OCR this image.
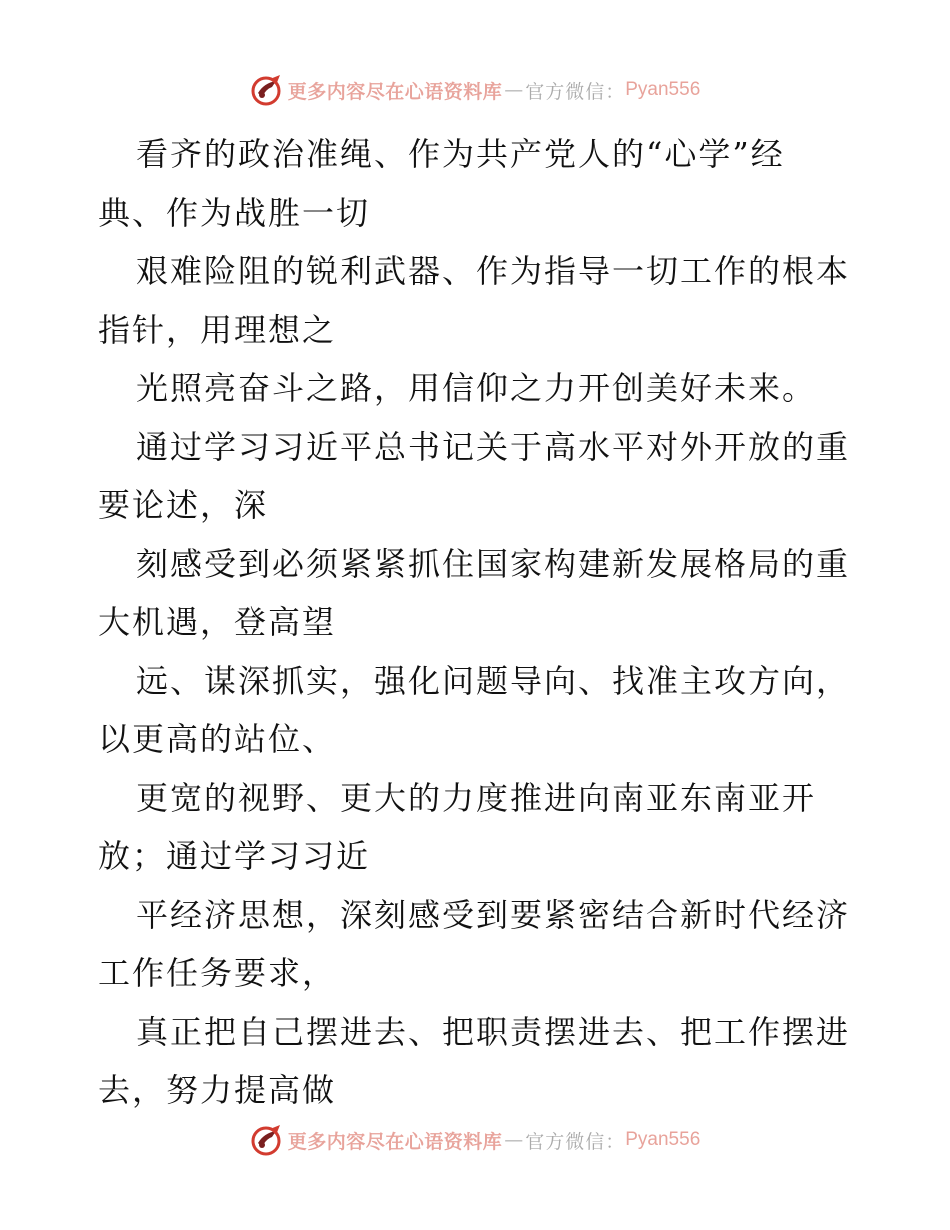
更多内容尽在心语资料库 — 官方微信： Pyan556
看齐的政治准绳、作为共产党人的“心学”经
典、作为战胜一切
艰难险阻的锐利武器、作为指导一切工作的根本
指针，用理想之
光照亮奋斗之路，用信仰之力开创美好未来。
通过学习习近平总书记关于高水平对外开放的重
要论述，深
刻感受到必须紧紧抓住国家构建新发展格局的重
大机遇，登高望
远、谋深抓实，强化问题导向、找准主攻方向，
以更高的站位、
更宽的视野、更大的力度推进向南亚东南亚开
放；通过学习习近
平经济思想，深刻感受到要紧密结合新时代经济
工作任务要求，
真正把自己摆进去、把职责摆进去、把工作摆进
去，努力提高做
更多内容尽在心语资料库 — 官方微信： Pyan556
